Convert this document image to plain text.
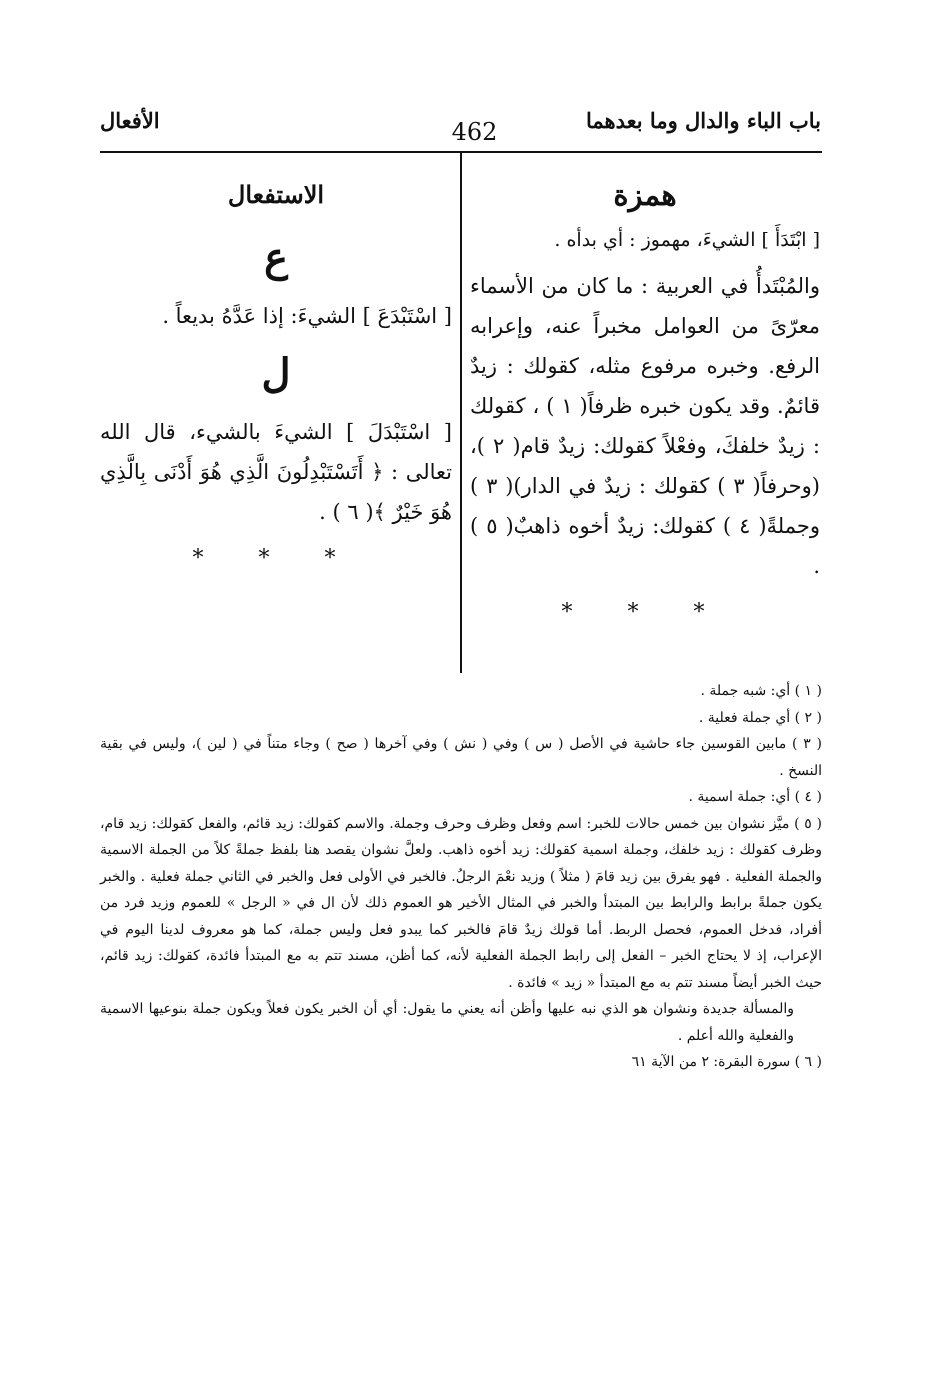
باب الباء والدال وما بعدهما
462
الأفعال
همزة

[ ابْتَدَأَ ] الشيءَ، مهموز : أي بدأه .

والمُبْتَدأُ في العربية : ما كان من الأسماء معرّىً من العوامل مخبراً عنه، وإعرابه الرفع. وخبره مرفوع مثله، كقولك : زيدٌ قائمٌ. وقد يكون خبره ظرفاً( ١ ) ، كقولك : زيدٌ خلفكَ، وفعْلاً كقولك: زيدٌ قام( ٢ )، (وحرفاً( ٣ ) كقولك : زيدٌ في الدار)( ٣ ) وجملةً( ٤ ) كقولك: زيدٌ أخوه ذاهبٌ( ٥ ) .

* * *
الاستفعال
ع

[ اسْتَبْدَعَ ] الشيءَ: إذا عَدَّهُ بديعاً .

ل

[ اسْتَبْدَلَ ] الشيءَ بالشيء، قال الله تعالى : ﴿ أَتَسْتَبْدِلُونَ الَّذِي هُوَ أَدْنَى بِالَّذِي هُوَ خَيْرٌ ﴾( ٦ ) .

* * *

( ١ ) أي: شبه جملة .

( ٢ ) أي جملة فعلية .

( ٣ ) مابين القوسين جاء حاشية في الأصل ( س ) وفي ( نش ) وفي آخرها ( صح ) وجاء متناً في ( لين )، وليس في بقية النسخ .

( ٤ ) أي: جملة اسمية .

( ٥ ) ميَّز نشوان بين خمس حالات للخبر: اسم وفعل وظرف وحرف وجملة. والاسم كقولك: زيد قائم، والفعل كقولك: زيد قام، وظرف كقولك : زيد خلفك، وجملة اسمية كقولك: زيد أخوه ذاهب. ولعلَّ نشوان يقصد هنا بلفظ جملةً كلاً من الجملة الاسمية والجملة الفعلية . فهو يفرق بين زيد قامَ ( مثلاً ) وزيد نعْمَ الرجلُ. فالخبر في الأولى فعل والخبر في الثاني جملة فعلية . والخبر يكون جملةً برابط والرابط بين المبتدأ والخبر في المثال الأخير هو العموم ذلك لأن ال في « الرجل » للعموم وزيد فرد من أفراد، فدخل العموم، فحصل الربط. أما قولك زيدٌ قامَ فالخبر كما يبدو فعل وليس جملة، كما هو معروف لدينا اليوم في الإعراب، إذ لا يحتاج الخبر – الفعل إلى رابط الجملة الفعلية لأنه، كما أظن، مسند تتم به مع المبتدأ فائدة، كقولك: زيد قائم، حيث الخبر أيضاً مسند تتم به مع المبتدأ « زيد » فائدة .

والمسألة جديدة ونشوان هو الذي نبه عليها وأظن أنه يعني ما يقول: أي أن الخبر يكون فعلاً ويكون جملة بنوعيها الاسمية والفعلية والله أعلم .

( ٦ ) سورة البقرة: ٢ من الآية ٦١
